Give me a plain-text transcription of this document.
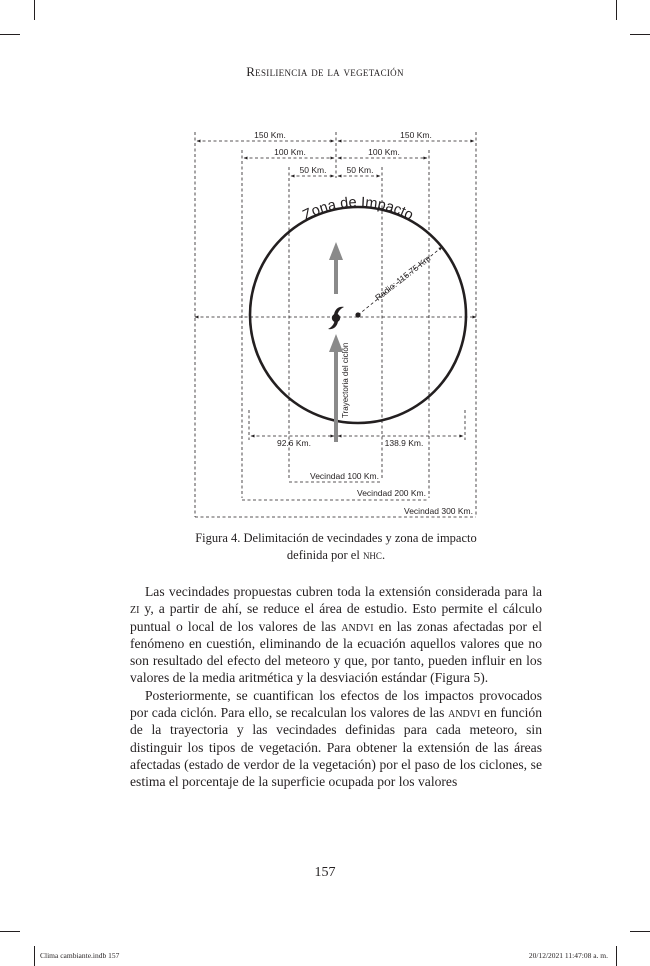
Resiliencia de la vegetación
150 Km.	150 Km.
100 Km.	100 Km.
50 Km. 50 Km.
Zona de Impacto
Radio: 115.75 Km
Trayectoria del ciclón
92.6 Km.	138.9 Km.
Vecindad 100 Km.
Vecindad 200 Km.
Vecindad 300 Km.
Figura 4. Delimitación de vecindades y zona de impacto
definida por el nhc.

Las vecindades propuestas cubren toda la extensión considerada para la zi y, a partir de ahí, se reduce el área de estudio. Esto permite el cálculo puntual o local de los valores de las andvi en las zonas afectadas por el fenómeno en cuestión, eliminando de la ecuación aquellos valores que no son resultado del efecto del meteoro y que, por tanto, pueden influir en los valores de la media aritmética y la desviación estándar (Figura 5).

Posteriormente, se cuantifican los efectos de los impactos provocados por cada ciclón. Para ello, se recalculan los valores de las andvi en función de la trayectoria y las vecindades definidas para cada meteoro, sin distinguir los tipos de vegetación. Para obtener la extensión de las áreas afectadas (estado de verdor de la vegetación) por el paso de los ciclones, se estima el porcentaje de la superficie ocupada por los valores

157
Clima cambiante.indb 157	20/12/2021 11:47:08 a. m.
